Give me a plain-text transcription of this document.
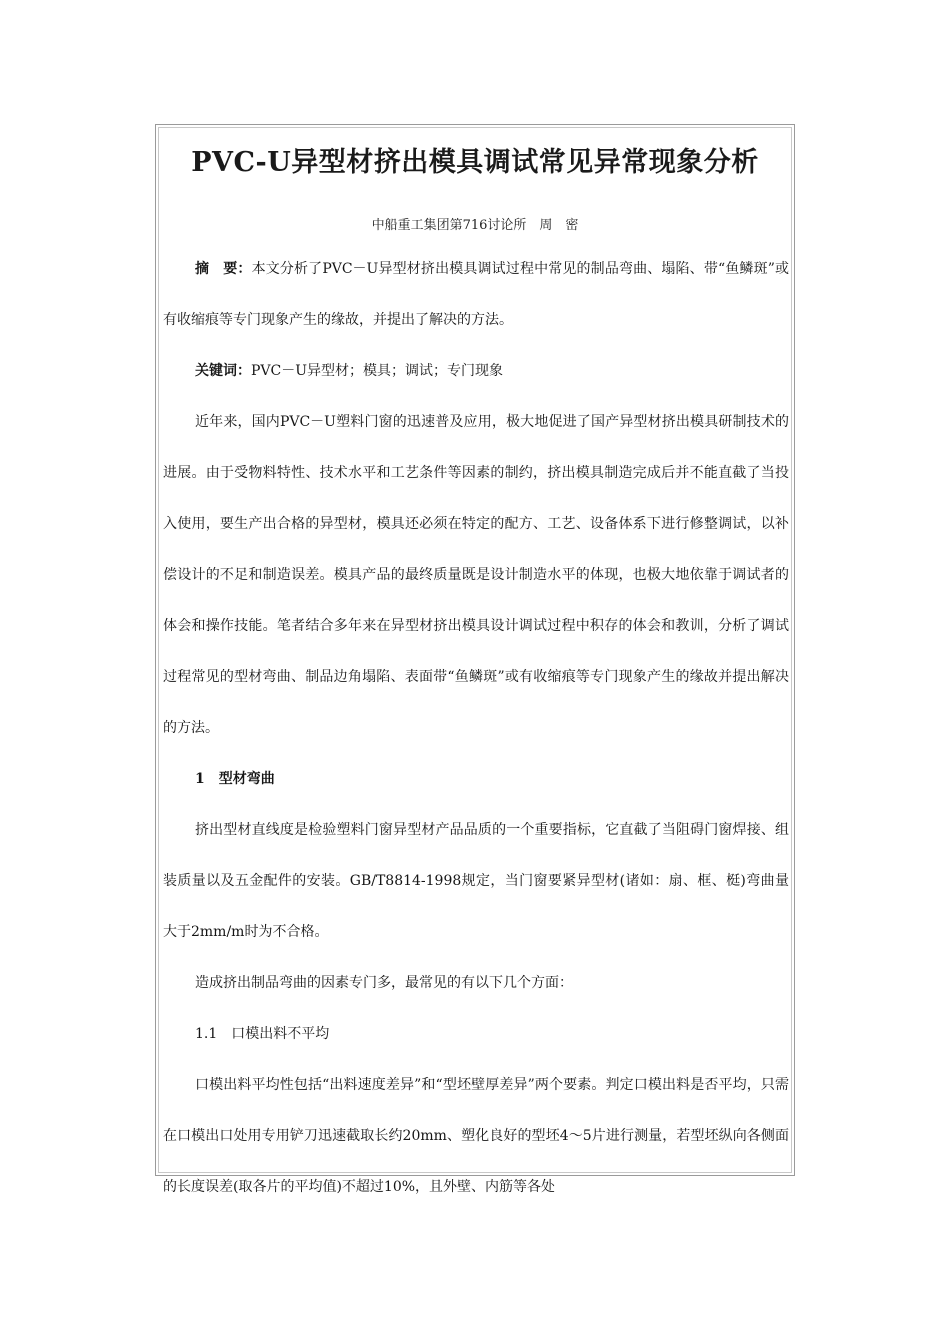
PVC-U异型材挤出模具调试常见异常现象分析
中船重工集团第716讨论所　周　密

摘　要：本文分析了PVC－U异型材挤出模具调试过程中常见的制品弯曲、塌陷、带“鱼鳞斑”或有收缩痕等专门现象产生的缘故，并提出了解决的方法。

关键词：PVC－U异型材；模具；调试；专门现象

近年来，国内PVC－U塑料门窗的迅速普及应用，极大地促进了国产异型材挤出模具研制技术的进展。由于受物料特性、技术水平和工艺条件等因素的制约，挤出模具制造完成后并不能直截了当投入使用，要生产出合格的异型材，模具还必须在特定的配方、工艺、设备体系下进行修整调试，以补偿设计的不足和制造误差。模具产品的最终质量既是设计制造水平的体现，也极大地依靠于调试者的体会和操作技能。笔者结合多年来在异型材挤出模具设计调试过程中积存的体会和教训，分析了调试过程常见的型材弯曲、制品边角塌陷、表面带“鱼鳞斑”或有收缩痕等专门现象产生的缘故并提出解决的方法。

1 型材弯曲

挤出型材直线度是检验塑料门窗异型材产品品质的一个重要指标，它直截了当阻碍门窗焊接、组装质量以及五金配件的安装。GB/T8814-1998规定，当门窗要紧异型材(诸如：扇、框、梃)弯曲量大于2mm/m时为不合格。

造成挤出制品弯曲的因素专门多，最常见的有以下几个方面：

1.1 口模出料不平均

口模出料平均性包括“出料速度差异”和“型坯壁厚差异”两个要素。判定口模出料是否平均，只需在口模出口处用专用铲刀迅速截取长约20mm、塑化良好的型坯4～5片进行测量，若型坯纵向各侧面的长度误差(取各片的平均值)不超过10%，且外壁、内筋等各处
